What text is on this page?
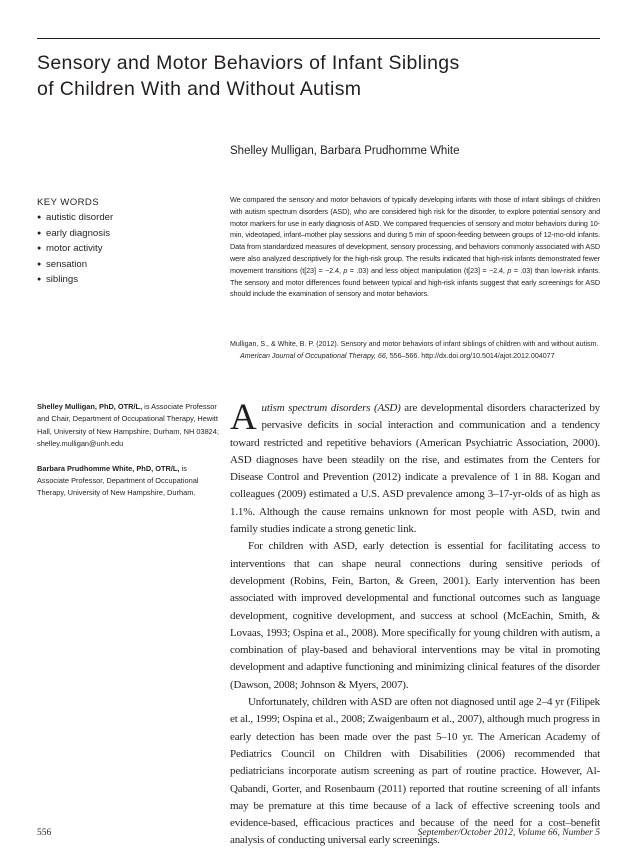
Sensory and Motor Behaviors of Infant Siblings
of Children With and Without Autism
Shelley Mulligan, Barbara Prudhomme White
KEY WORDS
● autistic disorder
● early diagnosis
● motor activity
● sensation
● siblings

We compared the sensory and motor behaviors of typically developing infants with those of infant siblings of children with autism spectrum disorders (ASD), who are considered high risk for the disorder, to explore potential sensory and motor markers for use in early diagnosis of ASD. We compared frequencies of sensory and motor behaviors during 10-min, videotaped, infant–mother play sessions and during 5 min of spoon-feeding between groups of 12-mo-old infants. Data from standardized measures of development, sensory processing, and behaviors commonly associated with ASD were also analyzed descriptively for the high-risk group. The results indicated that high-risk infants demonstrated fewer movement transitions (t[23] = −2.4, p = .03) and less object manipulation (t[23] = −2.4, p = .03) than low-risk infants. The sensory and motor differences found between typical and high-risk infants suggest that early screenings for ASD should include the examination of sensory and motor behaviors.

Mulligan, S., & White, B. P. (2012). Sensory and motor behaviors of infant siblings of children with and without autism.
American Journal of Occupational Therapy, 66, 556–566. http://dx.doi.org/10.5014/ajot.2012.004077

Shelley Mulligan, PhD, OTR/L, is Associate Professor and Chair, Department of Occupational Therapy, Hewitt Hall, University of New Hampshire, Durham, NH 03824; shelley.mulligan@unh.edu

Barbara Prudhomme White, PhD, OTR/L, is Associate Professor, Department of Occupational Therapy, University of New Hampshire, Durham.

Autism spectrum disorders (ASD) are developmental disorders characterized by pervasive deficits in social interaction and communication and a tendency toward restricted and repetitive behaviors (American Psychiatric Association, 2000). ASD diagnoses have been steadily on the rise, and estimates from the Centers for Disease Control and Prevention (2012) indicate a prevalence of 1 in 88. Kogan and colleagues (2009) estimated a U.S. ASD prevalence among 3–17-yr-olds of as high as 1.1%. Although the cause remains unknown for most people with ASD, twin and family studies indicate a strong genetic link.

For children with ASD, early detection is essential for facilitating access to interventions that can shape neural connections during sensitive periods of development (Robins, Fein, Barton, & Green, 2001). Early intervention has been associated with improved developmental and functional outcomes such as language development, cognitive development, and success at school (McEachin, Smith, & Lovaas, 1993; Ospina et al., 2008). More specifically for young children with autism, a combination of play-based and behavioral interventions may be vital in promoting development and adaptive functioning and minimizing clinical features of the disorder (Dawson, 2008; Johnson & Myers, 2007).

Unfortunately, children with ASD are often not diagnosed until age 2–4 yr (Filipek et al., 1999; Ospina et al., 2008; Zwaigenbaum et al., 2007), although much progress in early detection has been made over the past 5–10 yr. The American Academy of Pediatrics Council on Children with Disabilities (2006) recommended that pediatricians incorporate autism screening as part of routine practice. However, Al-Qabandi, Gorter, and Rosenbaum (2011) reported that routine screening of all infants may be premature at this time because of a lack of effective screening tools and evidence-based, efficacious practices and because of the need for a cost–benefit analysis of conducting universal early screenings.

556	September/October 2012, Volume 66, Number 5
